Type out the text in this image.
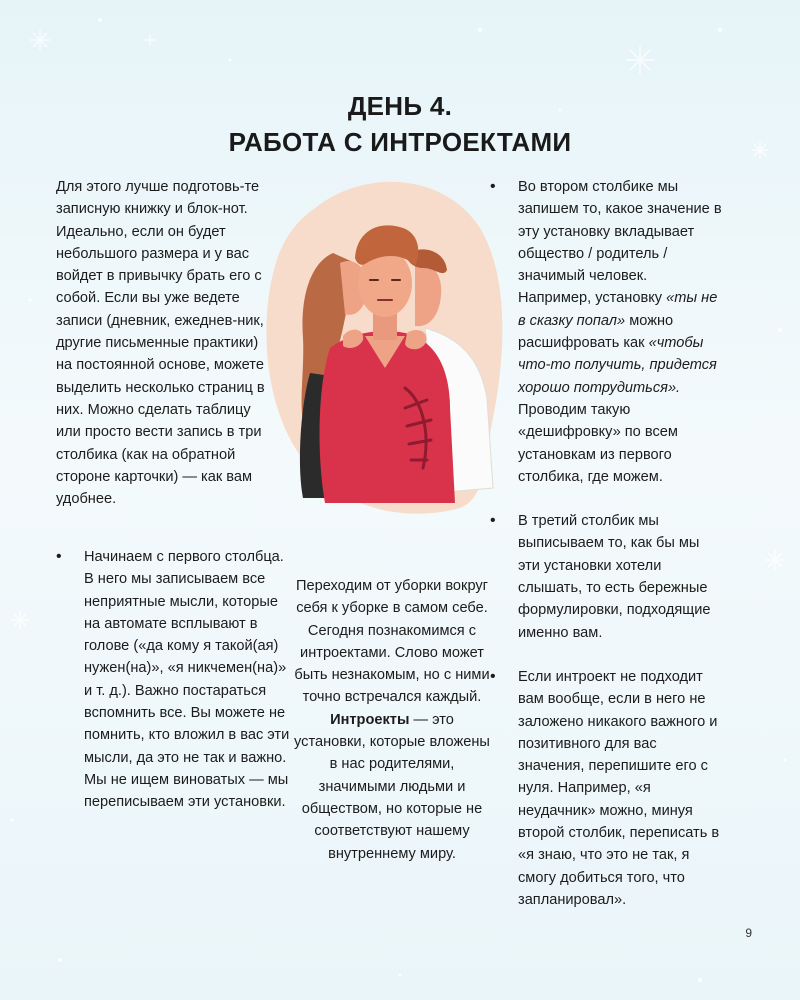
ДЕНЬ 4.
РАБОТА С ИНТРОЕКТАМИ

Для этого лучше подготовь-те записную книжку и блок-нот. Идеально, если он будет небольшого размера и у вас войдет в привычку брать его с собой. Если вы уже ведете записи (дневник, ежеднев-ник, другие письменные практики) на постоянной основе, можете выделить несколько страниц в них. Можно сделать таблицу или просто вести запись в три столбика (как на обратной стороне карточки) — как вам удобнее.

• Начинаем с первого столбца. В него мы записываем все неприятные мысли, которые на автомате всплывают в голове («да кому я такой(ая) нужен(на)», «я никчемен(на)» и т. д.). Важно постараться вспомнить все. Вы можете не помнить, кто вложил в вас эти мысли, да это не так и важно. Мы не ищем виноватых — мы переписываем эти установки.

Переходим от уборки вокруг себя к уборке в самом себе. Сегодня познакомимся с интроектами. Слово может быть незнакомым, но с ними точно встречался каждый. Интроекты — это установки, которые вложены в нас родителями, значимыми людьми и обществом, но которые не соответствуют нашему внутреннему миру.

• Во втором столбике мы запишем то, какое значение в эту установку вкладывает общество / родитель / значимый человек. Например, установку «ты не в сказку попал» можно расшифровать как «чтобы что-то получить, придется хорошо потрудиться». Проводим такую «дешифровку» по всем установкам из первого столбика, где можем.
• В третий столбик мы выписываем то, как бы мы эти установки хотели слышать, то есть бережные формулировки, подходящие именно вам.
• Если интроект не подходит вам вообще, если в него не заложено никакого важного и позитивного для вас значения, перепишите его с нуля. Например, «я неудачник» можно, минуя второй столбик, переписать в «я знаю, что это не так, я смогу добиться того, что запланировал».
9
